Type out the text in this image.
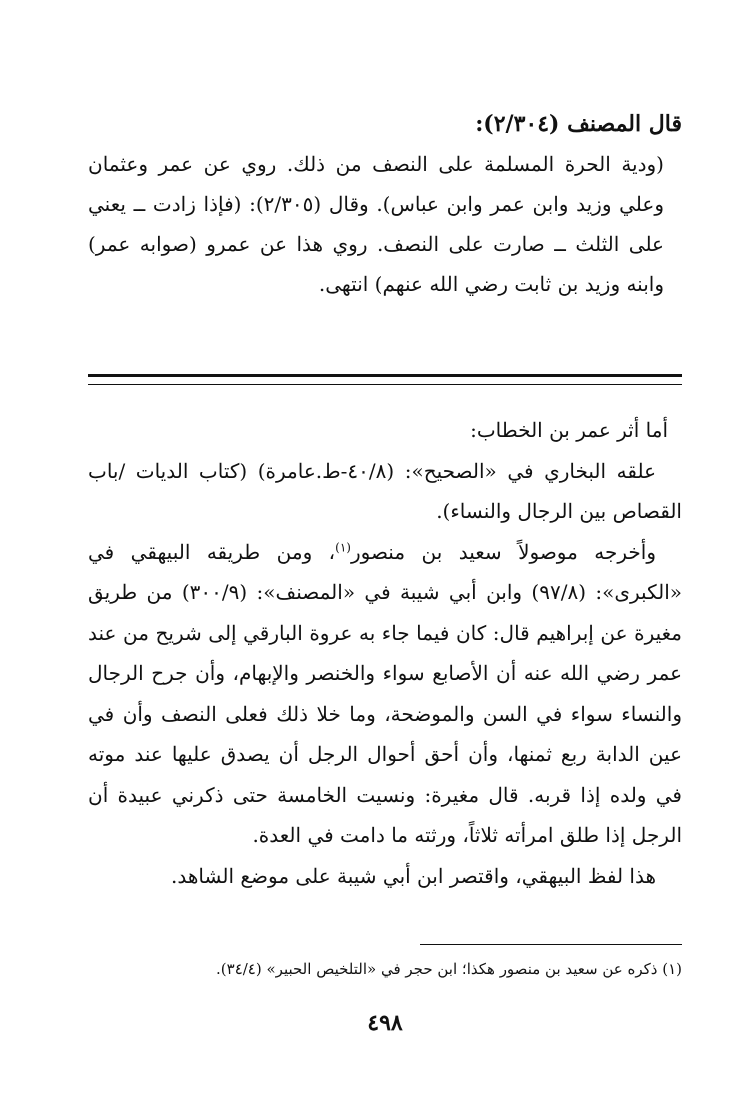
قال المصنف (٢/٣٠٤):

(ودية الحرة المسلمة على النصف من ذلك. روي عن عمر وعثمان وعلي وزيد وابن عمر وابن عباس). وقال (٢/٣٠٥): (فإذا زادت ــ يعني على الثلث ــ صارت على النصف. روي هذا عن عمرو (صوابه عمر) وابنه وزيد بن ثابت رضي الله عنهم) انتهى.

أما أثر عمر بن الخطاب:

علقه البخاري في «الصحيح»: (٤٠/٨-ط.عامرة) (كتاب الديات /باب القصاص بين الرجال والنساء).

وأخرجه موصولاً سعيد بن منصور$^{(١)}$، ومن طريقه البيهقي في «الكبرى»: (٩٧/٨) وابن أبي شيبة في «المصنف»: (٣٠٠/٩) من طريق مغيرة عن إبراهيم قال: كان فيما جاء به عروة البارقي إلى شريح من عند عمر رضي الله عنه أن الأصابع سواء والخنصر والإبهام، وأن جرح الرجال والنساء سواء في السن والموضحة، وما خلا ذلك فعلى النصف وأن في عين الدابة ربع ثمنها، وأن أحق أحوال الرجل أن يصدق عليها عند موته في ولده إذا قربه. قال مغيرة: ونسيت الخامسة حتى ذكرني عبيدة أن الرجل إذا طلق امرأته ثلاثاً، ورثته ما دامت في العدة.

هذا لفظ البيهقي، واقتصر ابن أبي شيبة على موضع الشاهد.

(١) ذكره عن سعيد بن منصور هكذا؛ ابن حجر في «التلخيص الحبير» (٣٤/٤).

٤٩٨
